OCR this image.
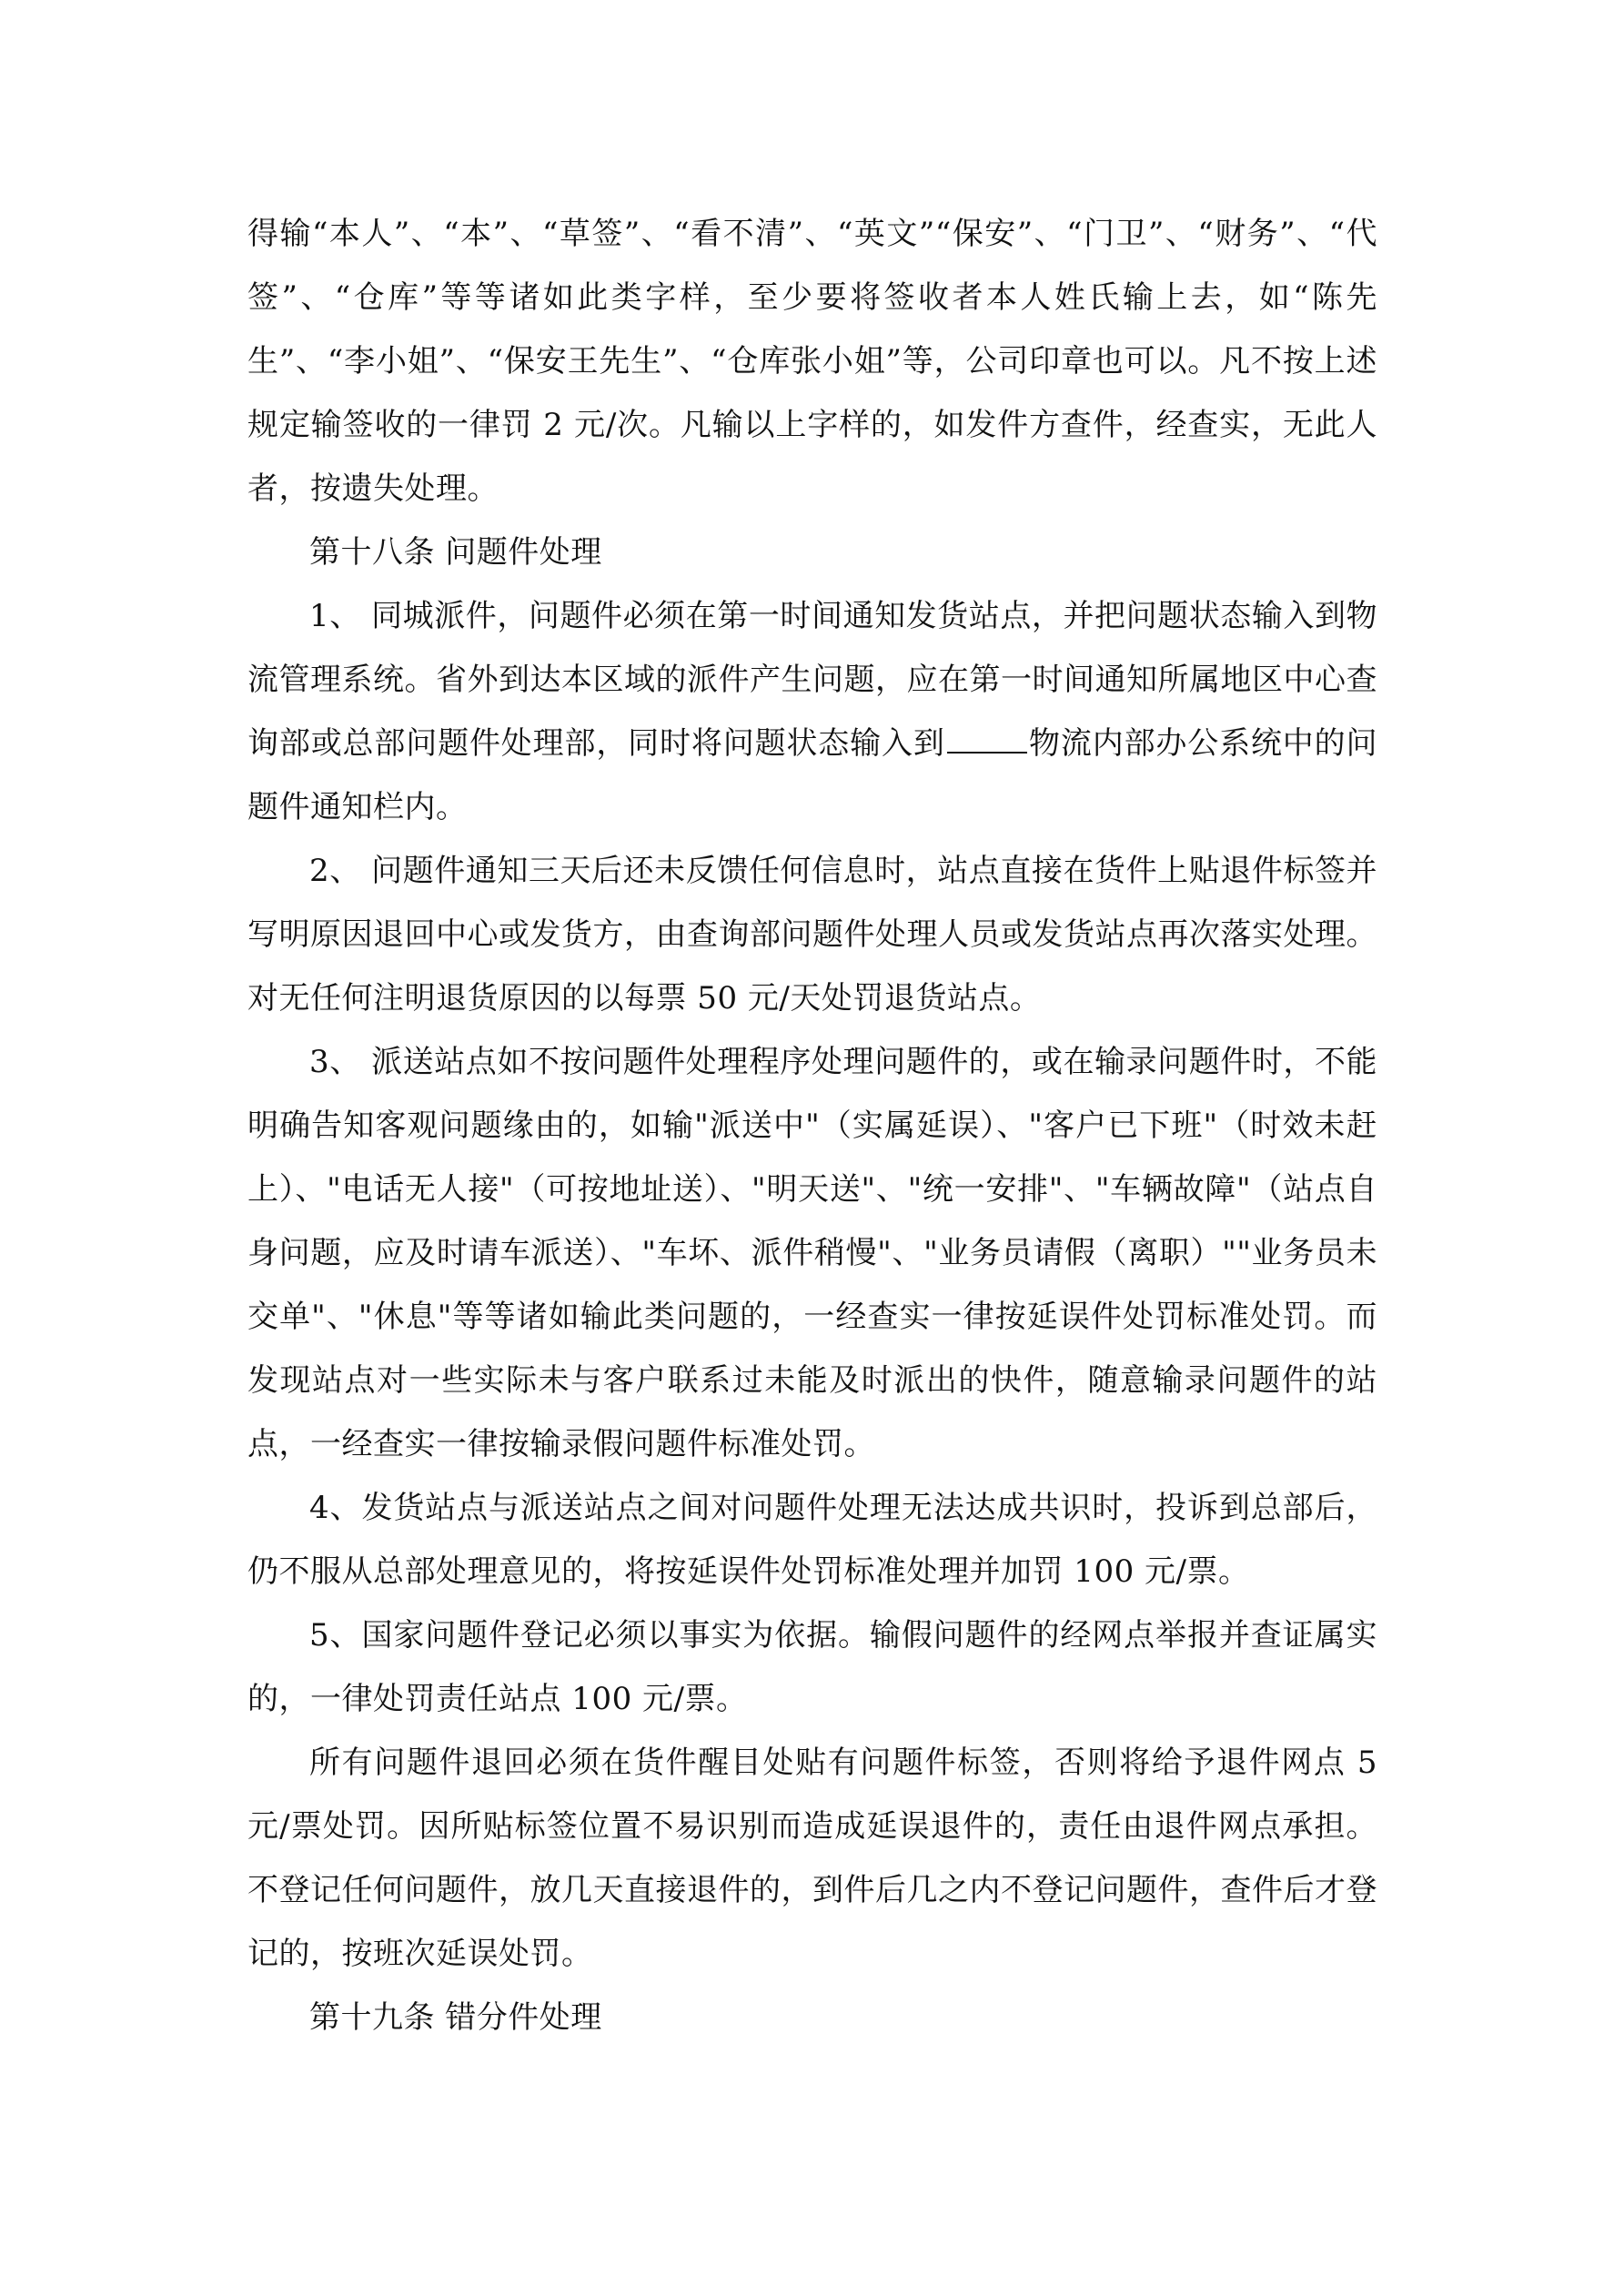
得输“本人”、“本”、“草签”、“看不清”、“英文”“保安”、“门卫”、“财务”、“代签”、“仓库”等等诸如此类字样，至少要将签收者本人姓氏输上去，如“陈先生”、“李小姐”、“保安王先生”、“仓库张小姐”等，公司印章也可以。凡不按上述规定输签收的一律罚 2 元/次。凡输以上字样的，如发件方查件，经查实，无此人者，按遗失处理。

第十八条 问题件处理

1、 同城派件，问题件必须在第一时间通知发货站点，并把问题状态输入到物流管理系统。省外到达本区域的派件产生问题，应在第一时间通知所属地区中心查询部或总部问题件处理部，同时将问题状态输入到	物流内部办公系统中的问题件通知栏内。

2、 问题件通知三天后还未反馈任何信息时，站点直接在货件上贴退件标签并写明原因退回中心或发货方，由查询部问题件处理人员或发货站点再次落实处理。对无任何注明退货原因的以每票 50 元/天处罚退货站点。

3、 派送站点如不按问题件处理程序处理问题件的，或在输录问题件时，不能明确告知客观问题缘由的，如输"派送中"（实属延误）、"客户已下班"（时效未赶上）、"电话无人接"（可按地址送）、"明天送"、"统一安排"、"车辆故障"（站点自身问题，应及时请车派送）、"车坏、派件稍慢"、"业务员请假（离职）""业务员未交单"、"休息"等等诸如输此类问题的，一经查实一律按延误件处罚标准处罚。而发现站点对一些实际未与客户联系过未能及时派出的快件，随意输录问题件的站点，一经查实一律按输录假问题件标准处罚。

4、发货站点与派送站点之间对问题件处理无法达成共识时，投诉到总部后，仍不服从总部处理意见的，将按延误件处罚标准处理并加罚 100 元/票。

5、国家问题件登记必须以事实为依据。输假问题件的经网点举报并查证属实的，一律处罚责任站点 100 元/票。

所有问题件退回必须在货件醒目处贴有问题件标签，否则将给予退件网点 5 元/票处罚。因所贴标签位置不易识别而造成延误退件的，责任由退件网点承担。不登记任何问题件，放几天直接退件的，到件后几之内不登记问题件，查件后才登记的，按班次延误处罚。

第十九条 错分件处理
